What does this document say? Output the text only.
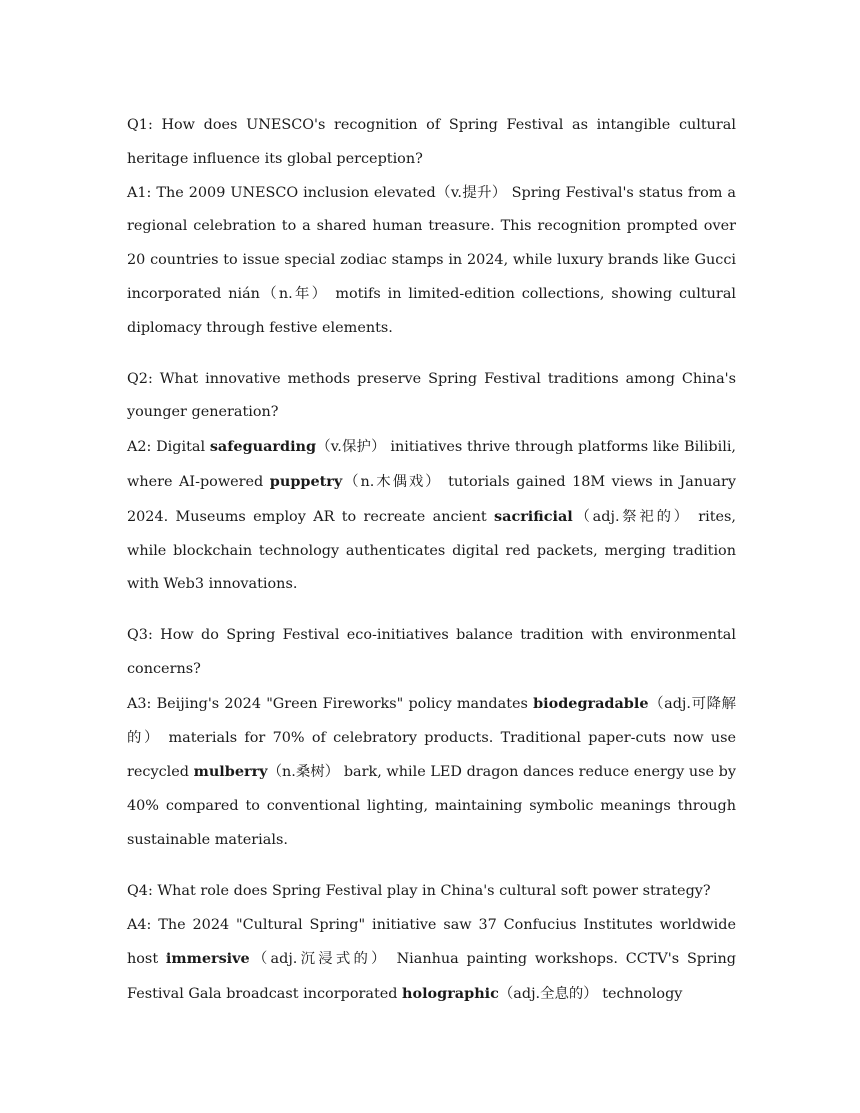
Q1: How does UNESCO's recognition of Spring Festival as intangible cultural heritage influence its global perception?

A1: The 2009 UNESCO inclusion elevated（v.提升） Spring Festival's status from a regional celebration to a shared human treasure. This recognition prompted over 20 countries to issue special zodiac stamps in 2024, while luxury brands like Gucci incorporated nián（n.年） motifs in limited-edition collections, showing cultural diplomacy through festive elements.

Q2: What innovative methods preserve Spring Festival traditions among China's younger generation?

A2: Digital safeguarding（v.保护） initiatives thrive through platforms like Bilibili, where AI-powered puppetry（n.木偶戏） tutorials gained 18M views in January 2024. Museums employ AR to recreate ancient sacrificial（adj.祭祀的） rites, while blockchain technology authenticates digital red packets, merging tradition with Web3 innovations.

Q3: How do Spring Festival eco-initiatives balance tradition with environmental concerns?

A3: Beijing's 2024 "Green Fireworks" policy mandates biodegradable（adj.可降解的） materials for 70% of celebratory products. Traditional paper-cuts now use recycled mulberry（n.桑树） bark, while LED dragon dances reduce energy use by 40% compared to conventional lighting, maintaining symbolic meanings through sustainable materials.

Q4: What role does Spring Festival play in China's cultural soft power strategy?

A4: The 2024 "Cultural Spring" initiative saw 37 Confucius Institutes worldwide host immersive（adj.沉浸式的） Nianhua painting workshops. CCTV's Spring Festival Gala broadcast incorporated holographic（adj.全息的） technology
